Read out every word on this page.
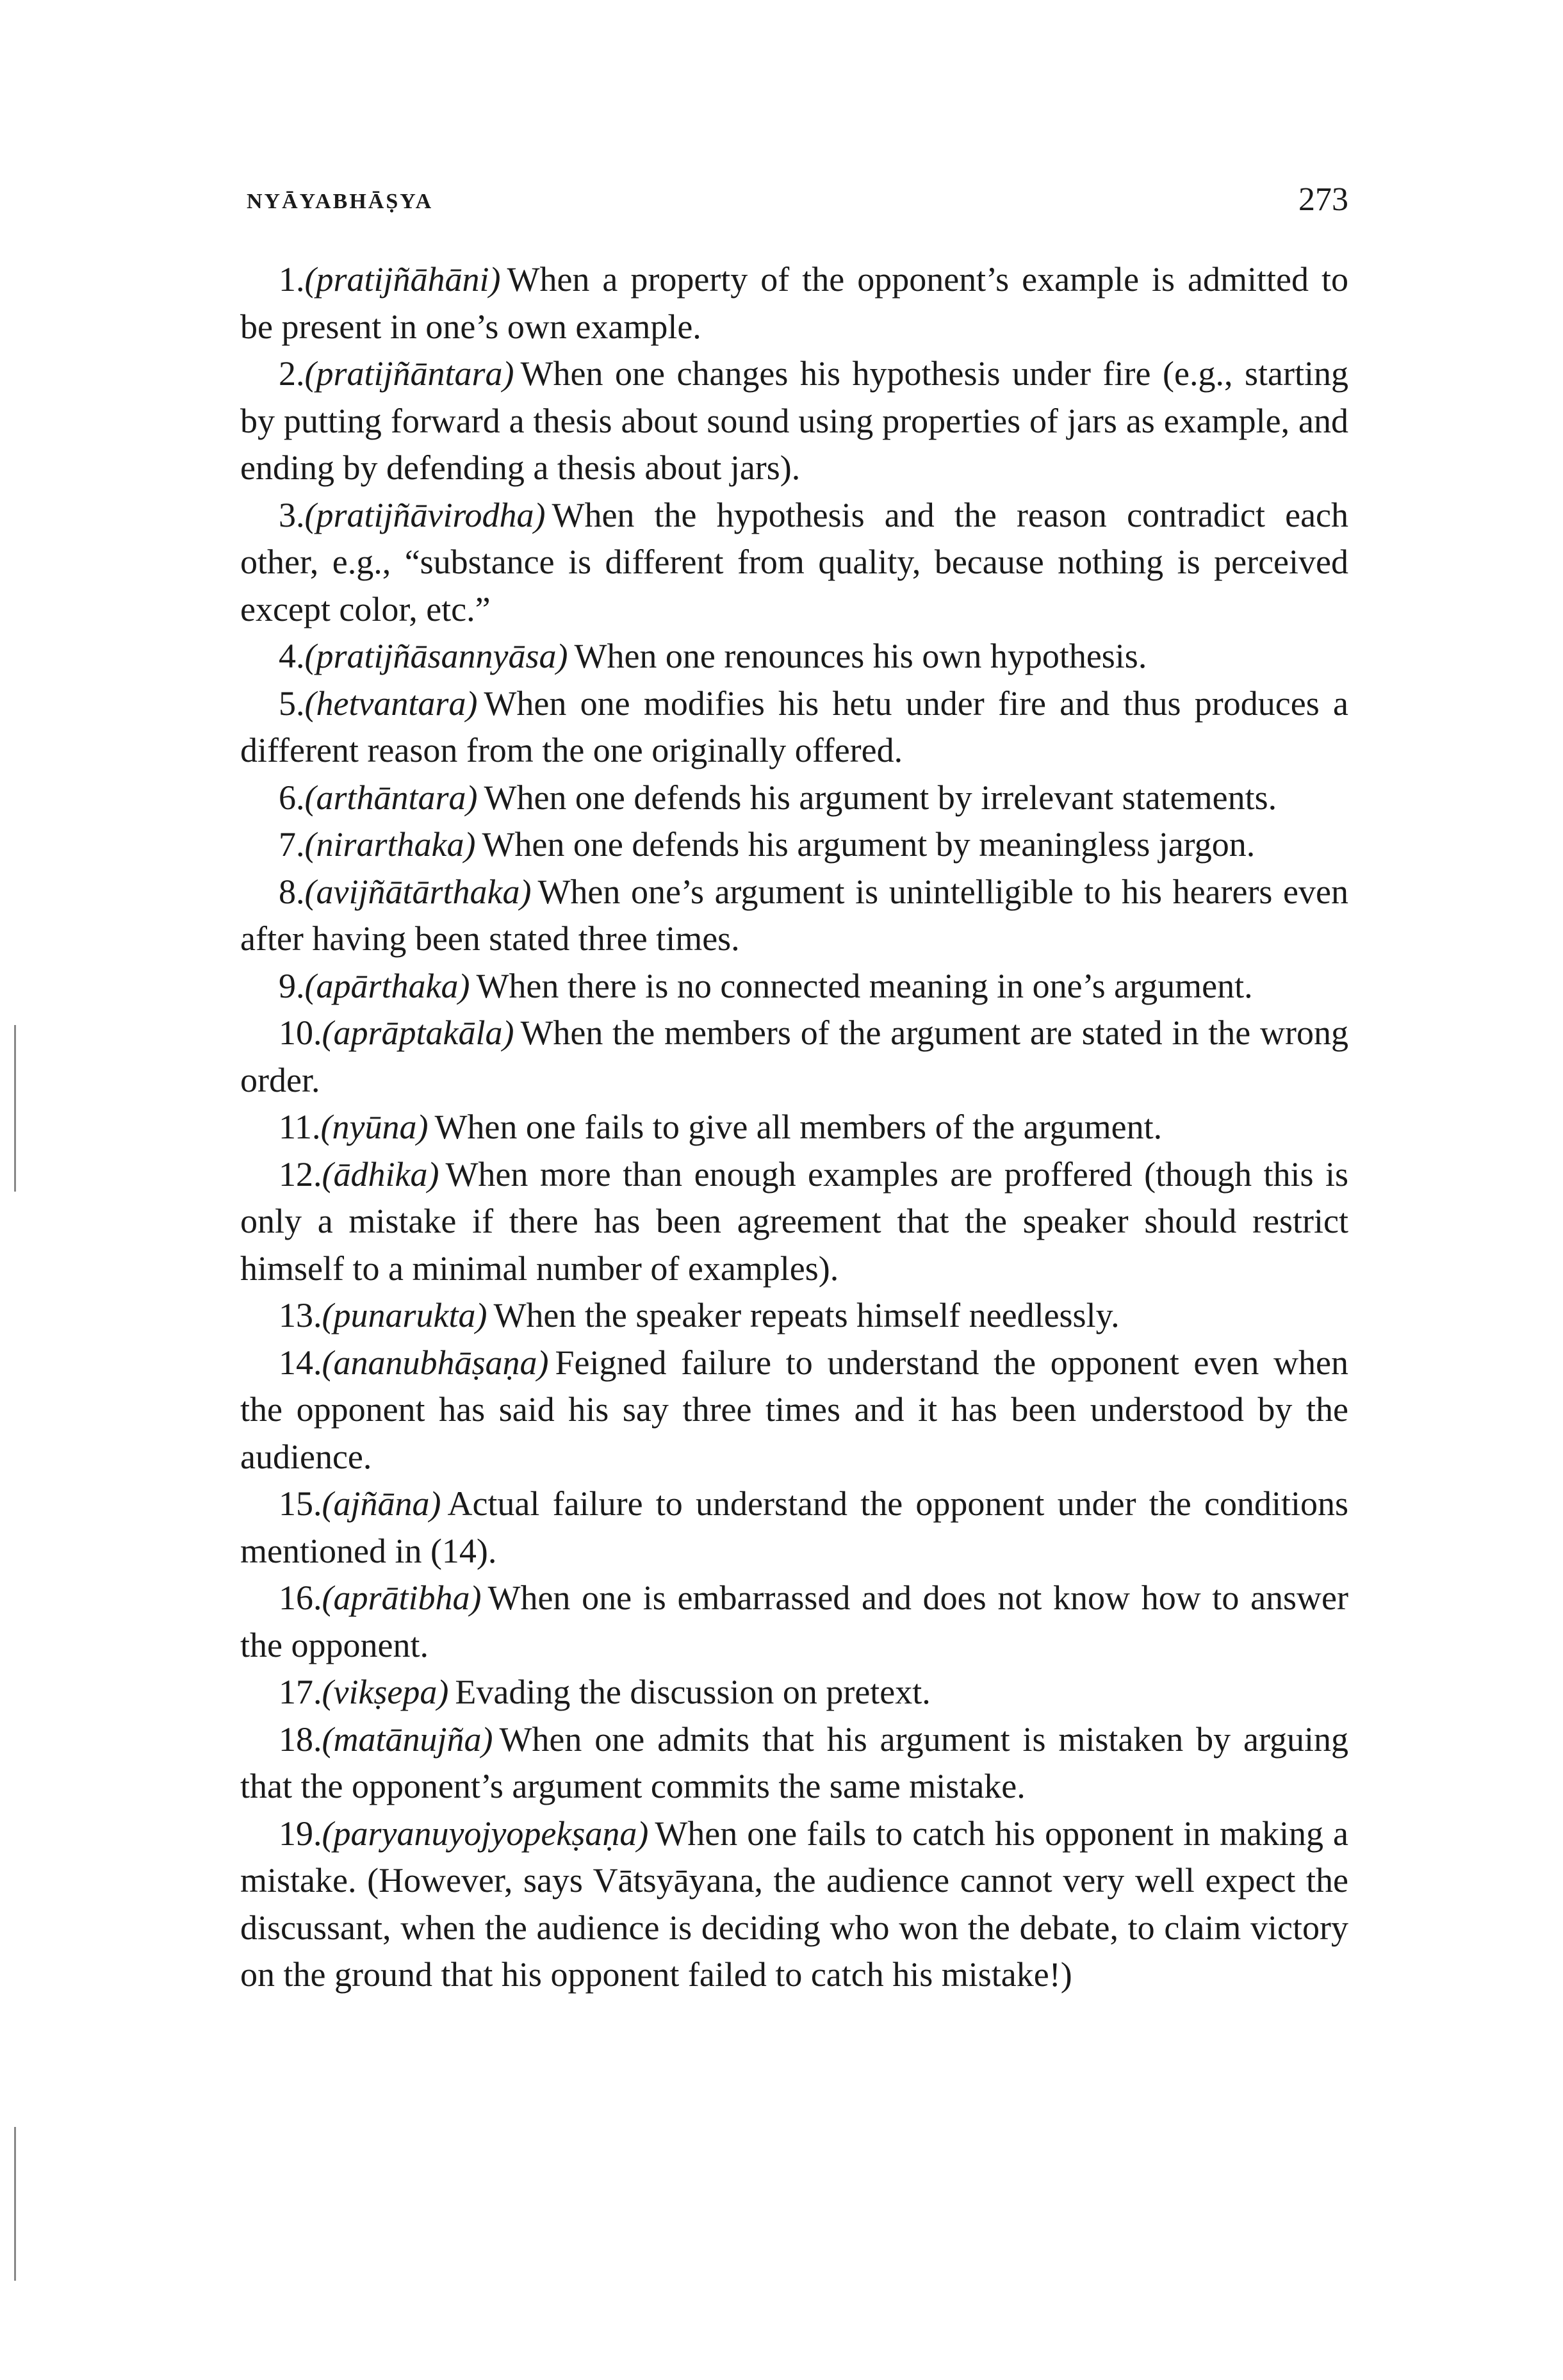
NYĀYABHĀṢYA	273

1.(pratijñāhāni) When a property of the opponent’s example is admitted to be present in one’s own example.

2.(pratijñāntara) When one changes his hypothesis under fire (e.g., starting by putting forward a thesis about sound using properties of jars as example, and ending by defending a thesis about jars).

3.(pratijñāvirodha) When the hypothesis and the reason contradict each other, e.g., “substance is different from quality, because nothing is perceived except color, etc.”

4.(pratijñāsannyāsa) When one renounces his own hypothesis.

5.(hetvantara) When one modifies his hetu under fire and thus produces a different reason from the one originally offered.

6.(arthāntara) When one defends his argument by irrelevant statements.

7.(nirarthaka) When one defends his argument by meaningless jargon.

8.(avijñātārthaka) When one’s argument is unintelligible to his hearers even after having been stated three times.

9.(apārthaka) When there is no connected meaning in one’s argument.

10.(aprāptakāla) When the members of the argument are stated in the wrong order.

11.(nyūna) When one fails to give all members of the argument.

12.(ādhika) When more than enough examples are proffered (though this is only a mistake if there has been agreement that the speaker should restrict himself to a minimal number of examples).

13.(punarukta) When the speaker repeats himself needlessly.

14.(ananubhāṣaṇa) Feigned failure to understand the opponent even when the opponent has said his say three times and it has been understood by the audience.

15.(ajñāna) Actual failure to understand the opponent under the conditions mentioned in (14).

16.(aprātibha) When one is embarrassed and does not know how to answer the opponent.

17.(vikṣepa) Evading the discussion on pretext.

18.(matānujña) When one admits that his argument is mistaken by arguing that the opponent’s argument commits the same mistake.

19.(paryanuyojyopekṣaṇa) When one fails to catch his opponent in making a mistake. (However, says Vātsyāyana, the audience cannot very well expect the discussant, when the audience is deciding who won the debate, to claim victory on the ground that his opponent failed to catch his mistake!)
